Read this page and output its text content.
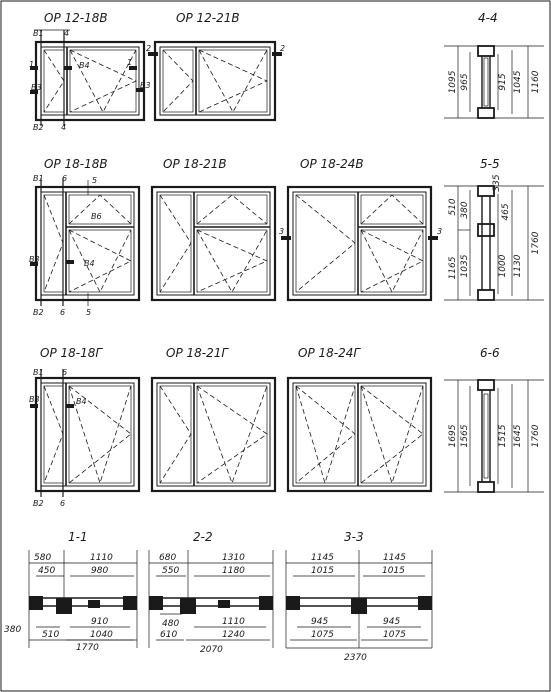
ОР 12-18В	ОР 12-21В
ОР 18-18В	ОР 18-21В	ОР 18-24В
ОР 18-18Г	ОР 18-21Г	ОР 18-24Г
В1	4
1	В4	1
В3	В3
В2 4
2	2
В1 6	5
В6
В4
В3
В2 6	5
3	3
В1 6
В3	В4
В2 6
4-4
1095 965	915 1045 1160
5-5
335
510 380	465
1165 1035	1000 1130
1760
6-6
1695 1565	1515 1645 1760
1-1
580	1110
450	980
910
1040
510
1770
380
2-2
680	1310
550	1180
480	1110
610	1240
2070
3-3
1145	1145
1015	1015
945	945
1075	1075
2370
